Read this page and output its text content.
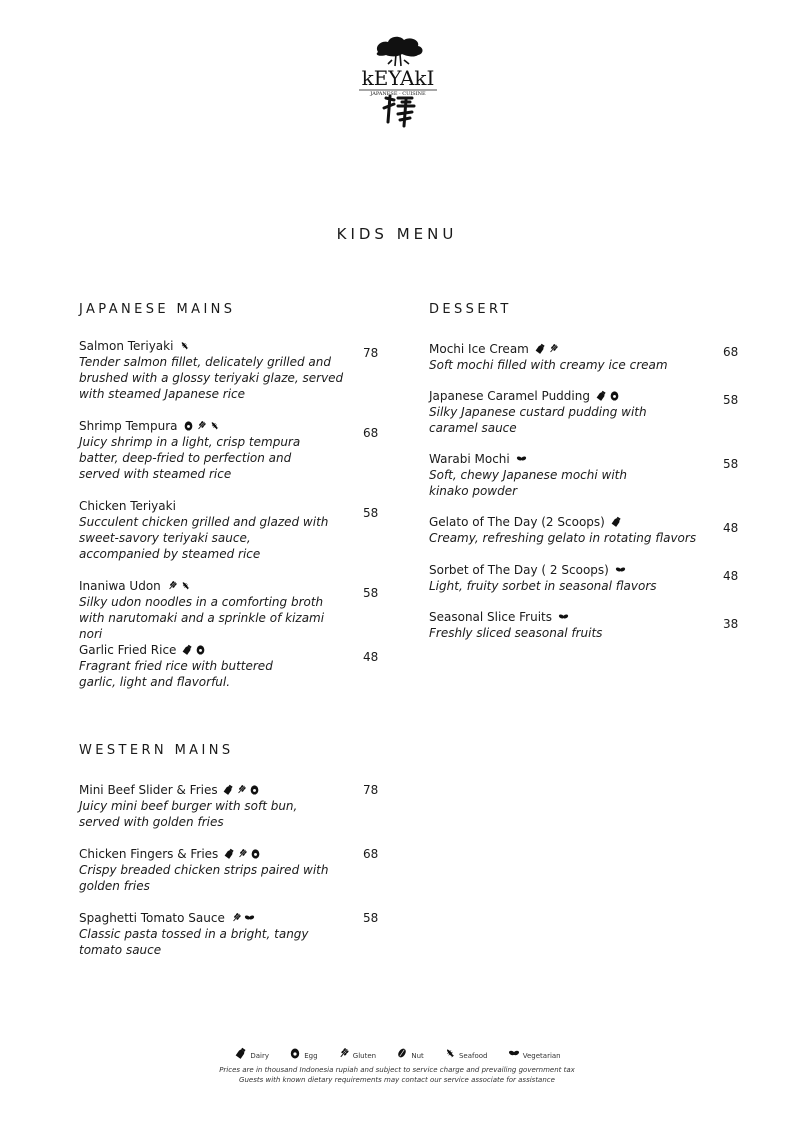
kEYAkI
JAPANESE · CUISINE
KIDS MENU
JAPANESE MAINS
Salmon Teriyaki
Tender salmon fillet, delicately grilled and brushed with a glossy teriyaki glaze, served with steamed Japanese rice
78
Shrimp Tempura
Juicy shrimp in a light, crisp tempura batter, deep-fried to perfection and served with steamed rice
68
Chicken Teriyaki
Succulent chicken grilled and glazed with sweet-savory teriyaki sauce, accompanied by steamed rice
58
Inaniwa Udon
Silky udon noodles in a comforting broth with narutomaki and a sprinkle of kizami nori
58
Garlic Fried Rice
Fragrant fried rice with buttered garlic, light and flavorful.
48
WESTERN MAINS
Mini Beef Slider & Fries
Juicy mini beef burger with soft bun, served with golden fries
78
Chicken Fingers & Fries
Crispy breaded chicken strips paired with golden fries
68
Spaghetti Tomato Sauce
Classic pasta tossed in a bright, tangy tomato sauce
58
DESSERT
Mochi Ice Cream
Soft mochi filled with creamy ice cream
68
Japanese Caramel Pudding
Silky Japanese custard pudding with caramel sauce
58
Warabi Mochi
Soft, chewy Japanese mochi with kinako powder
58
Gelato of The Day (2 Scoops)
Creamy, refreshing gelato in rotating flavors
48
Sorbet of The Day ( 2 Scoops)
Light, fruity sorbet in seasonal flavors
48
Seasonal Slice Fruits
Freshly sliced seasonal fruits
38
Dairy	Egg	Gluten	Nut	Seafood	Vegetarian
Prices are in thousand Indonesia rupiah and subject to service charge and prevailing government tax
Guests with known dietary requirements may contact our service associate for assistance
